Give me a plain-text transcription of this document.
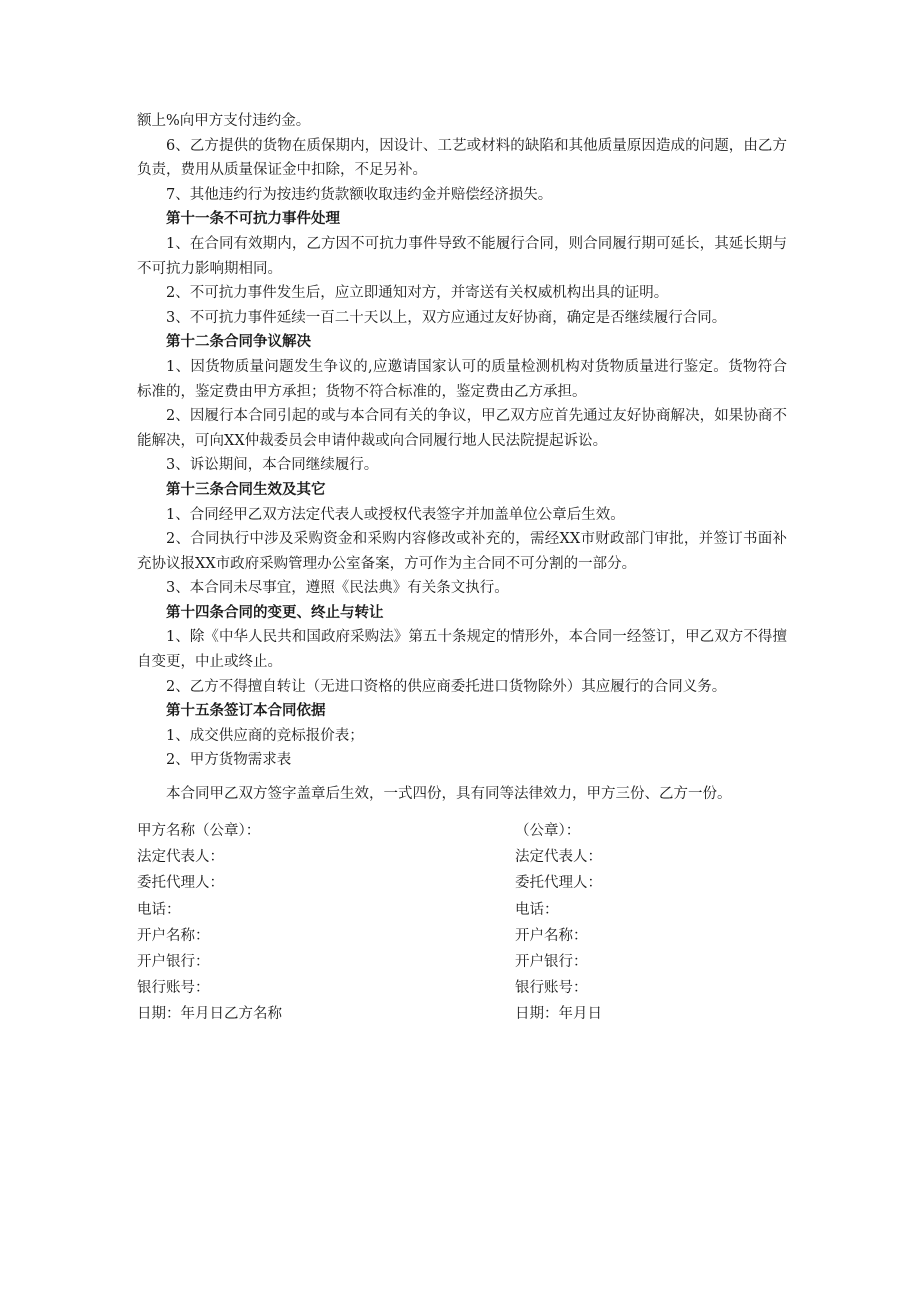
额上%向甲方支付违约金。

6、乙方提供的货物在质保期内，因设计、工艺或材料的缺陷和其他质量原因造成的问题，由乙方负责，费用从质量保证金中扣除，不足另补。

7、其他违约行为按违约货款额收取违约金并赔偿经济损失。

第十一条不可抗力事件处理

1、在合同有效期内，乙方因不可抗力事件导致不能履行合同，则合同履行期可延长，其延长期与不可抗力影响期相同。

2、不可抗力事件发生后，应立即通知对方，并寄送有关权威机构出具的证明。

3、不可抗力事件延续一百二十天以上，双方应通过友好协商，确定是否继续履行合同。

第十二条合同争议解决

1、因货物质量问题发生争议的,应邀请国家认可的质量检测机构对货物质量进行鉴定。货物符合标准的，鉴定费由甲方承担；货物不符合标准的，鉴定费由乙方承担。

2、因履行本合同引起的或与本合同有关的争议，甲乙双方应首先通过友好协商解决，如果协商不能解决，可向XX仲裁委员会申请仲裁或向合同履行地人民法院提起诉讼。

3、诉讼期间，本合同继续履行。

第十三条合同生效及其它

1、合同经甲乙双方法定代表人或授权代表签字并加盖单位公章后生效。

2、合同执行中涉及采购资金和采购内容修改或补充的，需经XX市财政部门审批，并签订书面补充协议报XX市政府采购管理办公室备案，方可作为主合同不可分割的一部分。

3、本合同未尽事宜，遵照《民法典》有关条文执行。

第十四条合同的变更、终止与转让

1、除《中华人民共和国政府采购法》第五十条规定的情形外，本合同一经签订，甲乙双方不得擅自变更，中止或终止。

2、乙方不得擅自转让（无进口资格的供应商委托进口货物除外）其应履行的合同义务。

第十五条签订本合同依据

1、成交供应商的竞标报价表；

2、甲方货物需求表

本合同甲乙双方签字盖章后生效，一式四份，具有同等法律效力，甲方三份、乙方一份。

甲方名称（公章）：	（公章）：
法定代表人：	法定代表人：
委托代理人：	委托代理人：
电话：	电话：
开户名称：	开户名称：
开户银行：	开户银行：
银行账号：	银行账号：
日期：年月日乙方名称	日期：年月日
